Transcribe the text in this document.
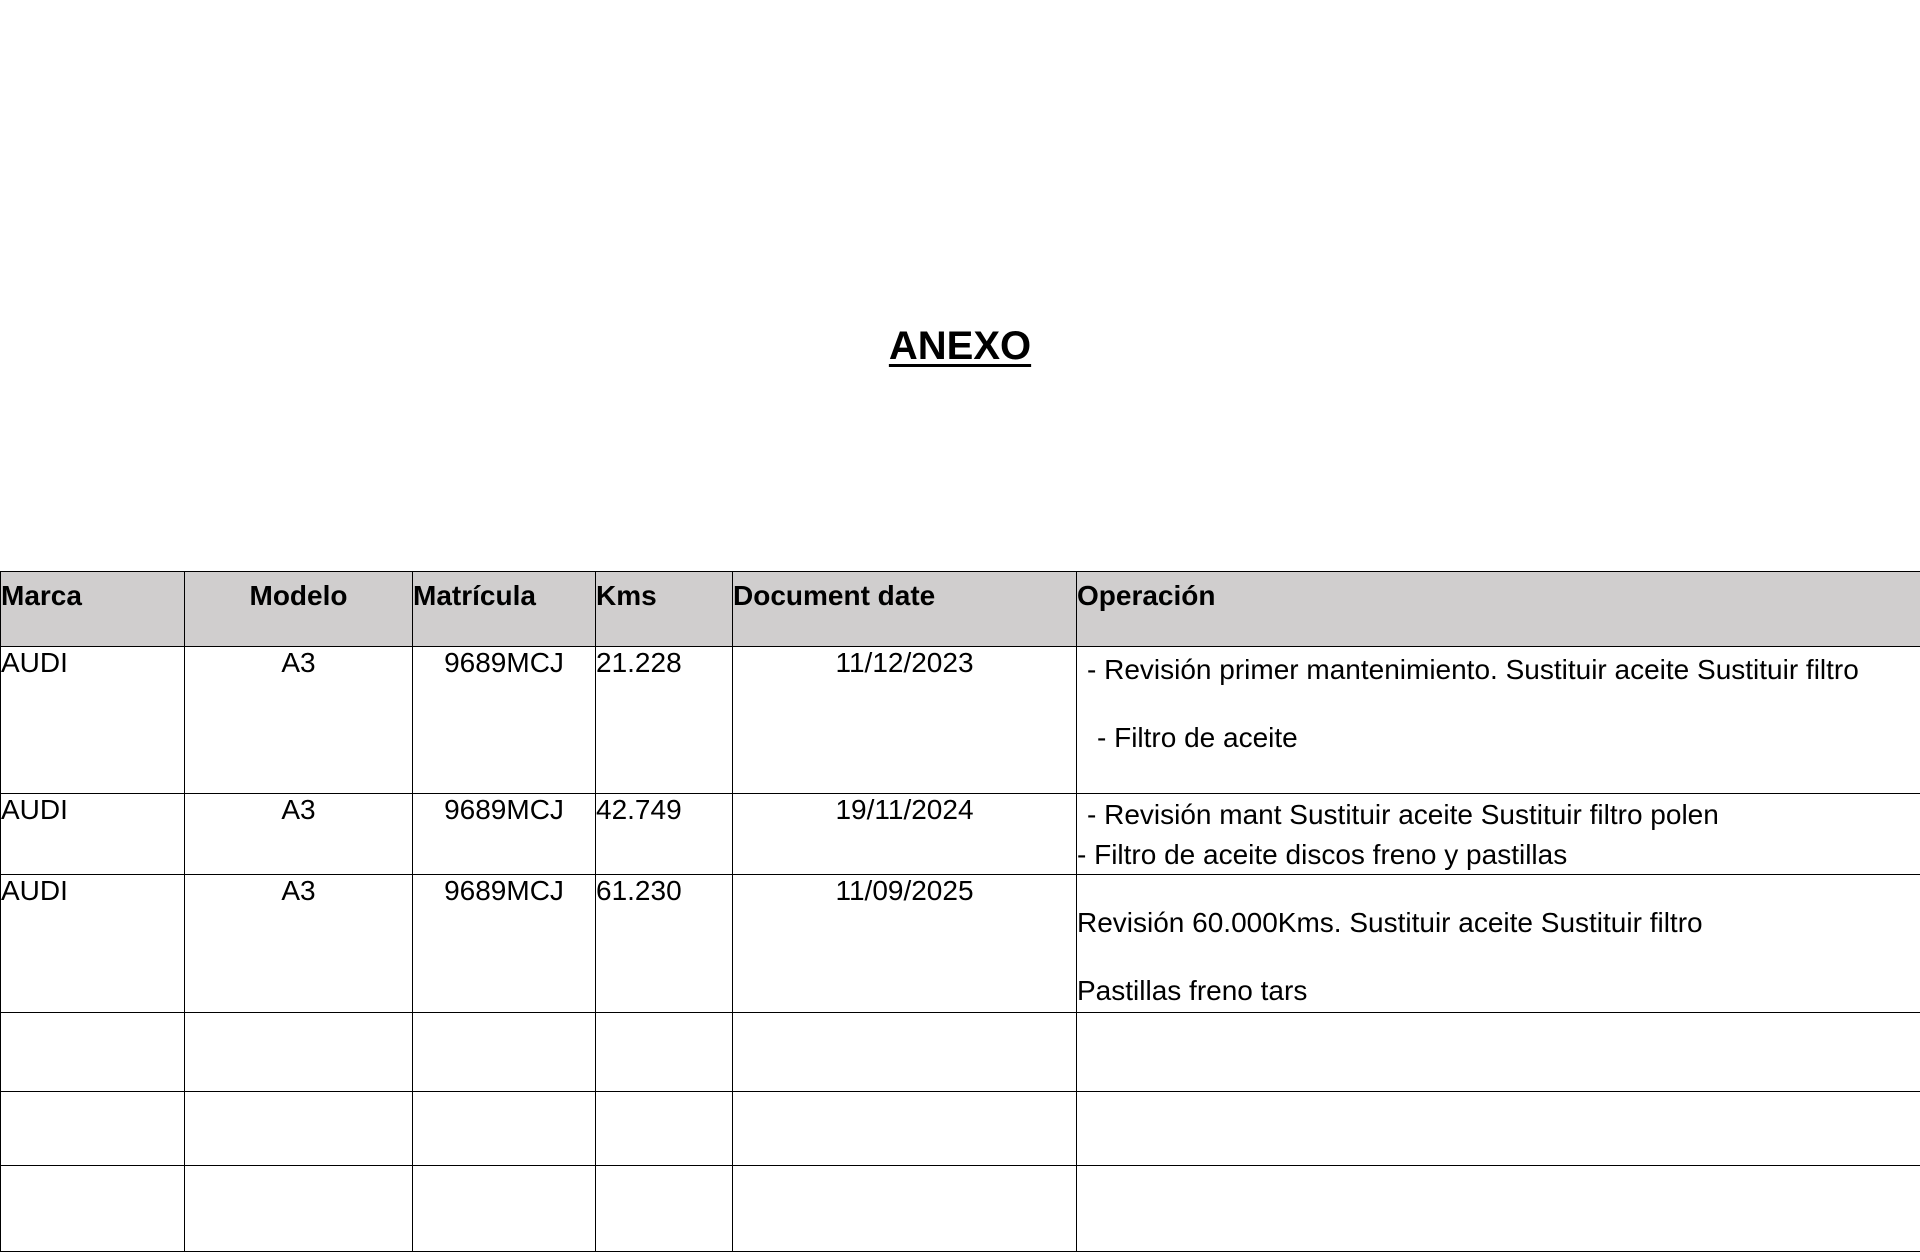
ANEXO
Marca	Modelo	Matrícula	Kms	Document date	Operación
AUDI	A3	9689MCJ	21.228	11/12/2023	- Revisión primer mantenimiento. Sustituir aceite Sustituir filtro
- Filtro de aceite

AUDI	A3	9689MCJ	42.749	19/11/2024	- Revisión mant Sustituir aceite Sustituir filtro polen
- Filtro de aceite discos freno y pastillas

AUDI	A3	9689MCJ	61.230	11/09/2025	Revisión 60.000Kms. Sustituir aceite Sustituir filtro
Pastillas freno tars
